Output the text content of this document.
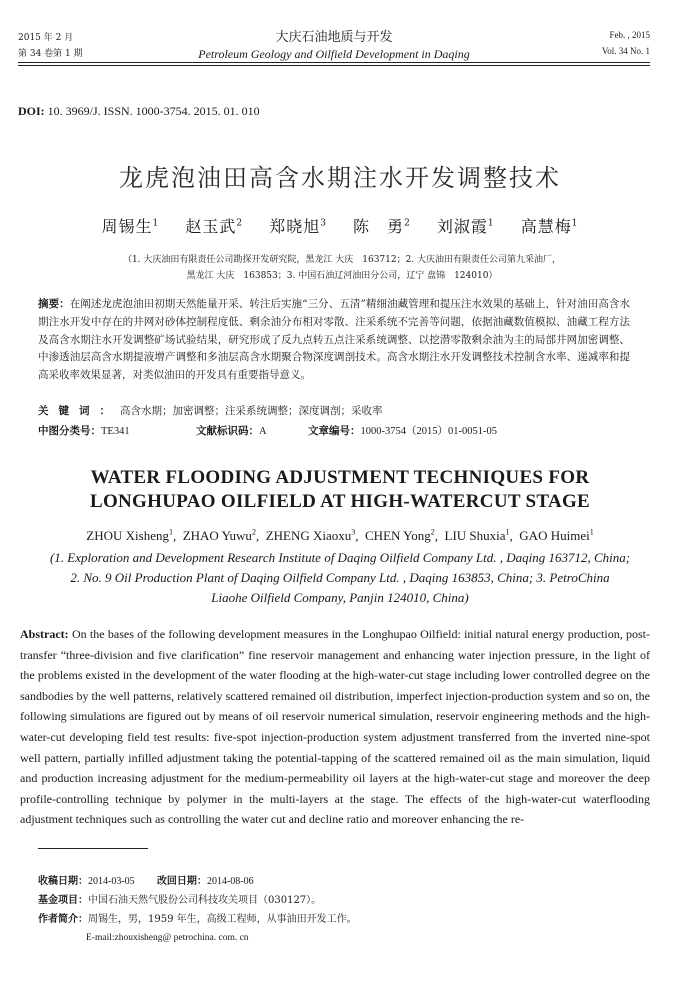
2015 年 2 月
第 34 卷第 1 期
大庆石油地质与开发
Petroleum Geology and Oilfield Development in Daqing
Feb. , 2015
Vol. 34 No. 1
DOI: 10. 3969/J. ISSN. 1000-3754. 2015. 01. 010
龙虎泡油田高含水期注水开发调整技术
周锡生$^1$ 赵玉武$^2$ 郑晓旭$^3$ 陈　勇$^2$ 刘淑霞$^1$ 高慧梅$^1$
（1. 大庆油田有限责任公司勘探开发研究院，黑龙江 大庆　163712；2. 大庆油田有限责任公司第九采油厂，
黑龙江 大庆　163853；3. 中国石油辽河油田分公司，辽宁 盘锦　124010）
摘要：在阐述龙虎泡油田初期天然能量开采、转注后实施“三分、五清”精细油藏管理和提压注水效果的基础上，针对油田高含水期注水开发中存在的井网对砂体控制程度低、剩余油分布相对零散、注采系统不完善等问题，依据油藏数值模拟、油藏工程方法及高含水期注水开发调整矿场试验结果，研究形成了反九点转五点注采系统调整、以挖潜零散剩余油为主的局部井网加密调整、中渗透油层高含水期提液增产调整和多油层高含水期聚合物深度调剖技术。高含水期注水开发调整技术控制含水率、递减率和提高采收率效果显著，对类似油田的开发具有重要指导意义。
关键词：高含水期；加密调整；注采系统调整；深度调剖；采收率
中图分类号：TE341	文献标识码：A	文章编号：1000-3754（2015）01-0051-05
WATER FLOODING ADJUSTMENT TECHNIQUES FOR
LONGHUPAO OILFIELD AT HIGH-WATERCUT STAGE
ZHOU Xisheng$^1$,  ZHAO Yuwu$^2$,  ZHENG Xiaoxu$^3$,  CHEN Yong$^2$,  LIU Shuxia$^1$,  GAO Huimei$^1$
(1. Exploration and Development Research Institute of Daqing Oilfield Company Ltd. , Daqing 163712, China;
2. No. 9 Oil Production Plant of Daqing Oilfield Company Ltd. , Daqing 163853, China; 3. PetroChina
Liaohe Oilfield Company, Panjin 124010, China)
Abstract: On the bases of the following development measures in the Longhupao Oilfield: initial natural energy production, post-transfer “three-division and five clarification” fine reservoir management and enhancing water injection pressure, in the light of the problems existed in the development of the water flooding at the high-water-cut stage including lower controlled degree on the sandbodies by the well patterns, relatively scattered remained oil distribution, imperfect injection-production system and so on, the following simulations are figured out by means of oil reservoir numerical simulation, reservoir engineering methods and the high-water-cut developing field test results: five-spot injection-production system adjustment transferred from the inverted nine-spot well pattern, partially infilled adjustment taking the potential-tapping of the scattered remained oil as the main simulation, liquid and production increasing adjustment for the medium-permeability oil layers at the high-water-cut stage and moreover the deep profile-controlling technique by polymer in the multi-layers at the stage. The effects of the high-water-cut waterflooding adjustment techniques such as controlling the water cut and decline ratio and moreover enhancing the re-
收稿日期：2014-03-05 改回日期：2014-08-06
基金项目：中国石油天然气股份公司科技攻关项目（030127）。
作者简介：周锡生，男，1959 年生，高级工程师，从事油田开发工作。
E-mail:zhouxisheng@ petrochina. com. cn
